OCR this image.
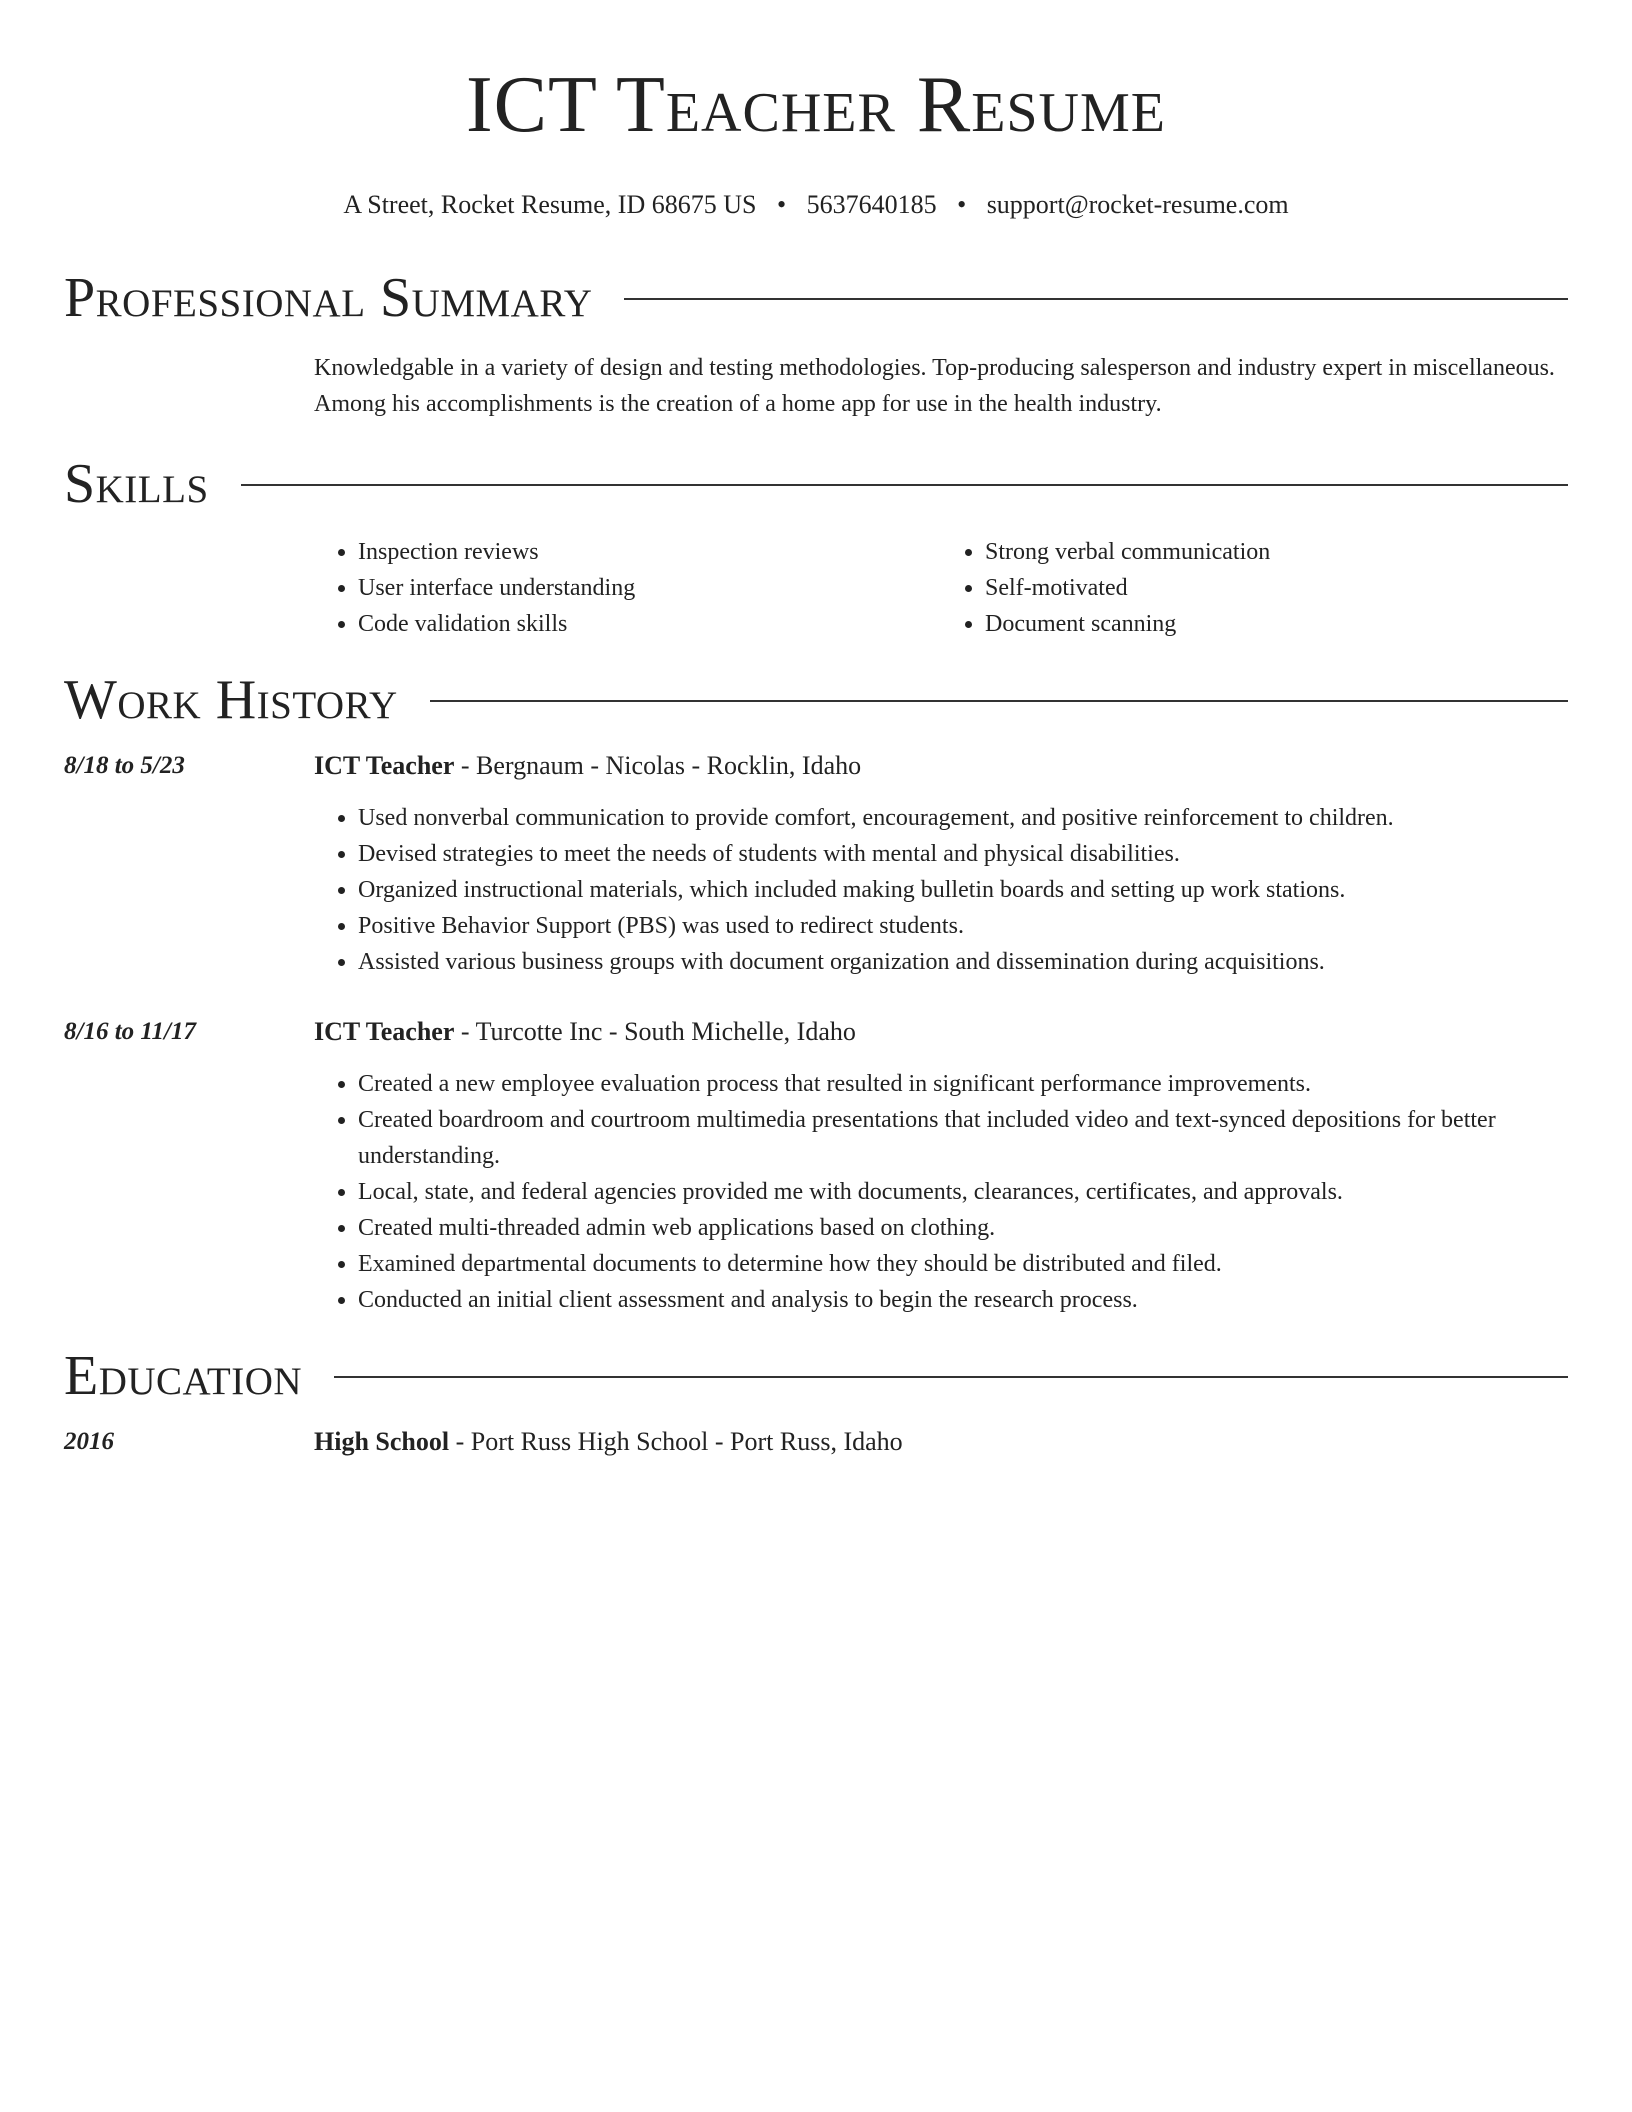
ICT Teacher Resume
A Street, Rocket Resume, ID 68675 US • 5637640185 • support@rocket-resume.com
Professional Summary
Knowledgable in a variety of design and testing methodologies. Top-producing salesperson and industry expert in miscellaneous. Among his accomplishments is the creation of a home app for use in the health industry.
Skills
• Inspection reviews
• User interface understanding
• Code validation skills
• Strong verbal communication
• Self-motivated
• Document scanning
Work History
8/18 to 5/23	ICT Teacher - Bergnaum - Nicolas - Rocklin, Idaho
• Used nonverbal communication to provide comfort, encouragement, and positive reinforcement to children.
• Devised strategies to meet the needs of students with mental and physical disabilities.
• Organized instructional materials, which included making bulletin boards and setting up work stations.
• Positive Behavior Support (PBS) was used to redirect students.
• Assisted various business groups with document organization and dissemination during acquisitions.
8/16 to 11/17	ICT Teacher - Turcotte Inc - South Michelle, Idaho
• Created a new employee evaluation process that resulted in significant performance improvements.
• Created boardroom and courtroom multimedia presentations that included video and text-synced depositions for better understanding.
• Local, state, and federal agencies provided me with documents, clearances, certificates, and approvals.
• Created multi-threaded admin web applications based on clothing.
• Examined departmental documents to determine how they should be distributed and filed.
• Conducted an initial client assessment and analysis to begin the research process.
Education
2016	High School - Port Russ High School - Port Russ, Idaho
